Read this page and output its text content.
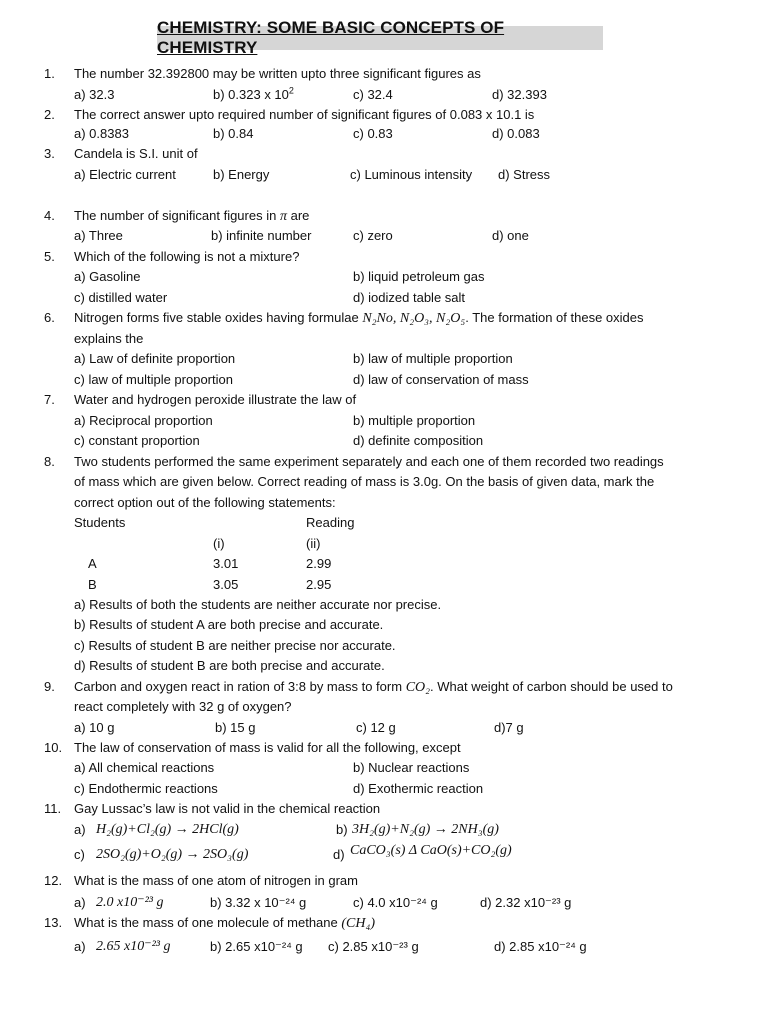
CHEMISTRY: SOME BASIC CONCEPTS OF CHEMISTRY
1. The number 32.392800 may be written upto three significant figures as
a) 32.3	b) 0.323 x $10^2$	c) 32.4	d) 32.393
2. The correct answer upto required number of significant figures of 0.083 x 10.1 is
a) 0.8383	b) 0.84	c) 0.83	d) 0.083
3. Candela is S.I. unit of
a) Electric current	b) Energy	c) Luminous intensity d) Stress
4. The number of significant figures in π are
a) Three	b) infinite number	c) zero	d) one
5. Which of the following is not a mixture?
a) Gasoline	b) liquid petroleum gas
c) distilled water	d) iodized table salt
6. Nitrogen forms five stable oxides having formulae N₂No, N₂O₃, N₂O₅. The formation of these oxides
explains the
a) Law of definite proportion	b) law of multiple proportion
c) law of multiple proportion	d) law of conservation of mass
7. Water and hydrogen peroxide illustrate the law of
a) Reciprocal proportion	b) multiple proportion
c) constant proportion	d) definite composition
8. Two students performed the same experiment separately and each one of them recorded two readings
of mass which are given below. Correct reading of mass is 3.0g. On the basis of given data, mark the
correct option out of the following statements:
Students	Reading
(i)	(ii)
A	3.01	2.99
B	3.05	2.95
a) Results of both the students are neither accurate nor precise.
b) Results of student A are both precise and accurate.
c) Results of student B are neither precise nor accurate.
d) Results of student B are both precise and accurate.
9. Carbon and oxygen react in ration of 3:8 by mass to form CO₂. What weight of carbon should be used to
react completely with 32 g of oxygen?
a) 10 g	b) 15 g	c) 12 g	d)7 g
10. The law of conservation of mass is valid for all the following, except
a) All chemical reactions	b) Nuclear reactions
c) Endothermic reactions	d) Exothermic reaction
11. Gay Lussac’s law is not valid in the chemical reaction
a) H₂(g)+Cl₂(g) → 2HCl(g)	b) 3H₂(g)+N₂(g) → 2NH₃(g)
c) 2SO₂(g)+O₂(g) → 2SO₃(g)	d) CaCO₃(s) Δ CaO(s)+CO₂(g)
12. What is the mass of one atom of nitrogen in gram
a) 2.0 x10⁻²³ g	b) 3.32 x 10⁻²⁴ g	c) 4.0 x10⁻²⁴ g	d) 2.32 x10⁻²³ g
13. What is the mass of one molecule of methane (CH₄)
a) 2.65 x10⁻²³ g	b) 2.65 x10⁻²⁴ g c) 2.85 x10⁻²³ g	d) 2.85 x10⁻²⁴ g
